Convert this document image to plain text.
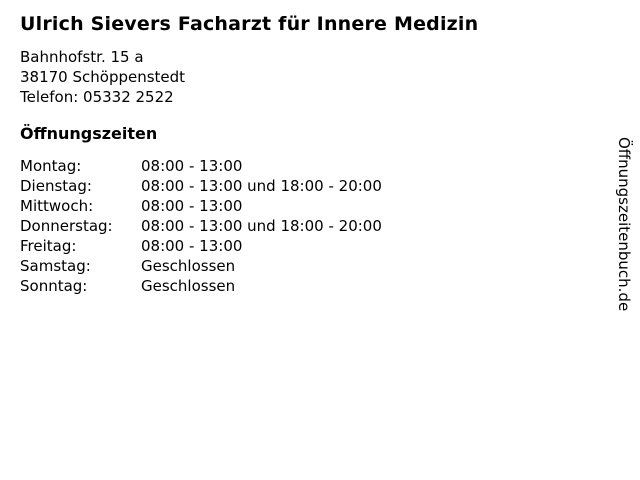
Ulrich Sievers Facharzt für Innere Medizin
Bahnhofstr. 15 a
38170 Schöppenstedt
Telefon: 05332 2522
Öffnungszeiten
Montag:	08:00 - 13:00
Dienstag:	08:00 - 13:00 und 18:00 - 20:00
Mittwoch:	08:00 - 13:00
Donnerstag:	08:00 - 13:00 und 18:00 - 20:00
Freitag:	08:00 - 13:00
Samstag:	Geschlossen
Sonntag:	Geschlossen	Öffnungszeitenbuch.de
